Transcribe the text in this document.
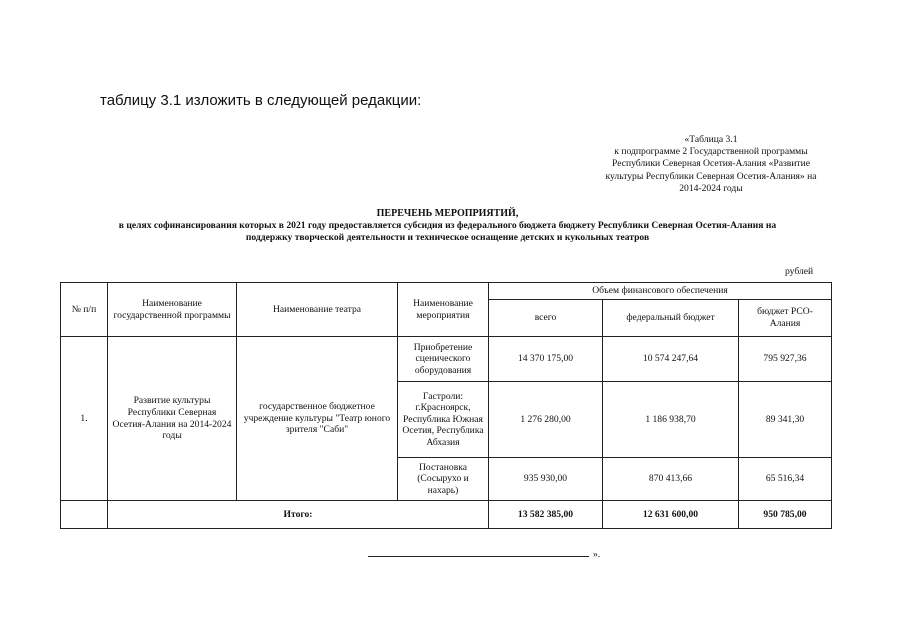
таблицу 3.1 изложить в следующей редакции:
«Таблица 3.1
к подпрограмме 2 Государственной программы
Республики Северная Осетия-Алания «Развитие
культуры Республики Северная Осетия-Алания» на
2014-2024 годы
ПЕРЕЧЕНЬ МЕРОПРИЯТИЙ,
в целях софинансирования которых в 2021 году предоставляется субсидия из федерального бюджета бюджету Республики Северная Осетия-Алания на
поддержку творческой деятельности и техническое оснащение детских и кукольных театров
рублей
№ п/п	Наименование государственной программы	Наименование театра	Наименование мероприятия	Объем финансового обеспечения		
				всего	федеральный бюджет	бюджет РСО-Алания
1.	Развитие культуры Республики Северная Осетия-Алания на 2014-2024 годы	государственное бюджетное учреждение культуры "Театр юного зрителя "Саби"	Приобретение сценического оборудования	14 370 175,00	10 574 247,64	795 927,36
			Гастроли: г.Красноярск, Республика Южная Осетия, Республика Абхазия	1 276 280,00	1 186 938,70	89 341,30
			Постановка (Сосырухо и нахарь)	935 930,00	870 413,66	65 516,34
	Итого:			13 582 385,00	12 631 600,00	950 785,00
».
